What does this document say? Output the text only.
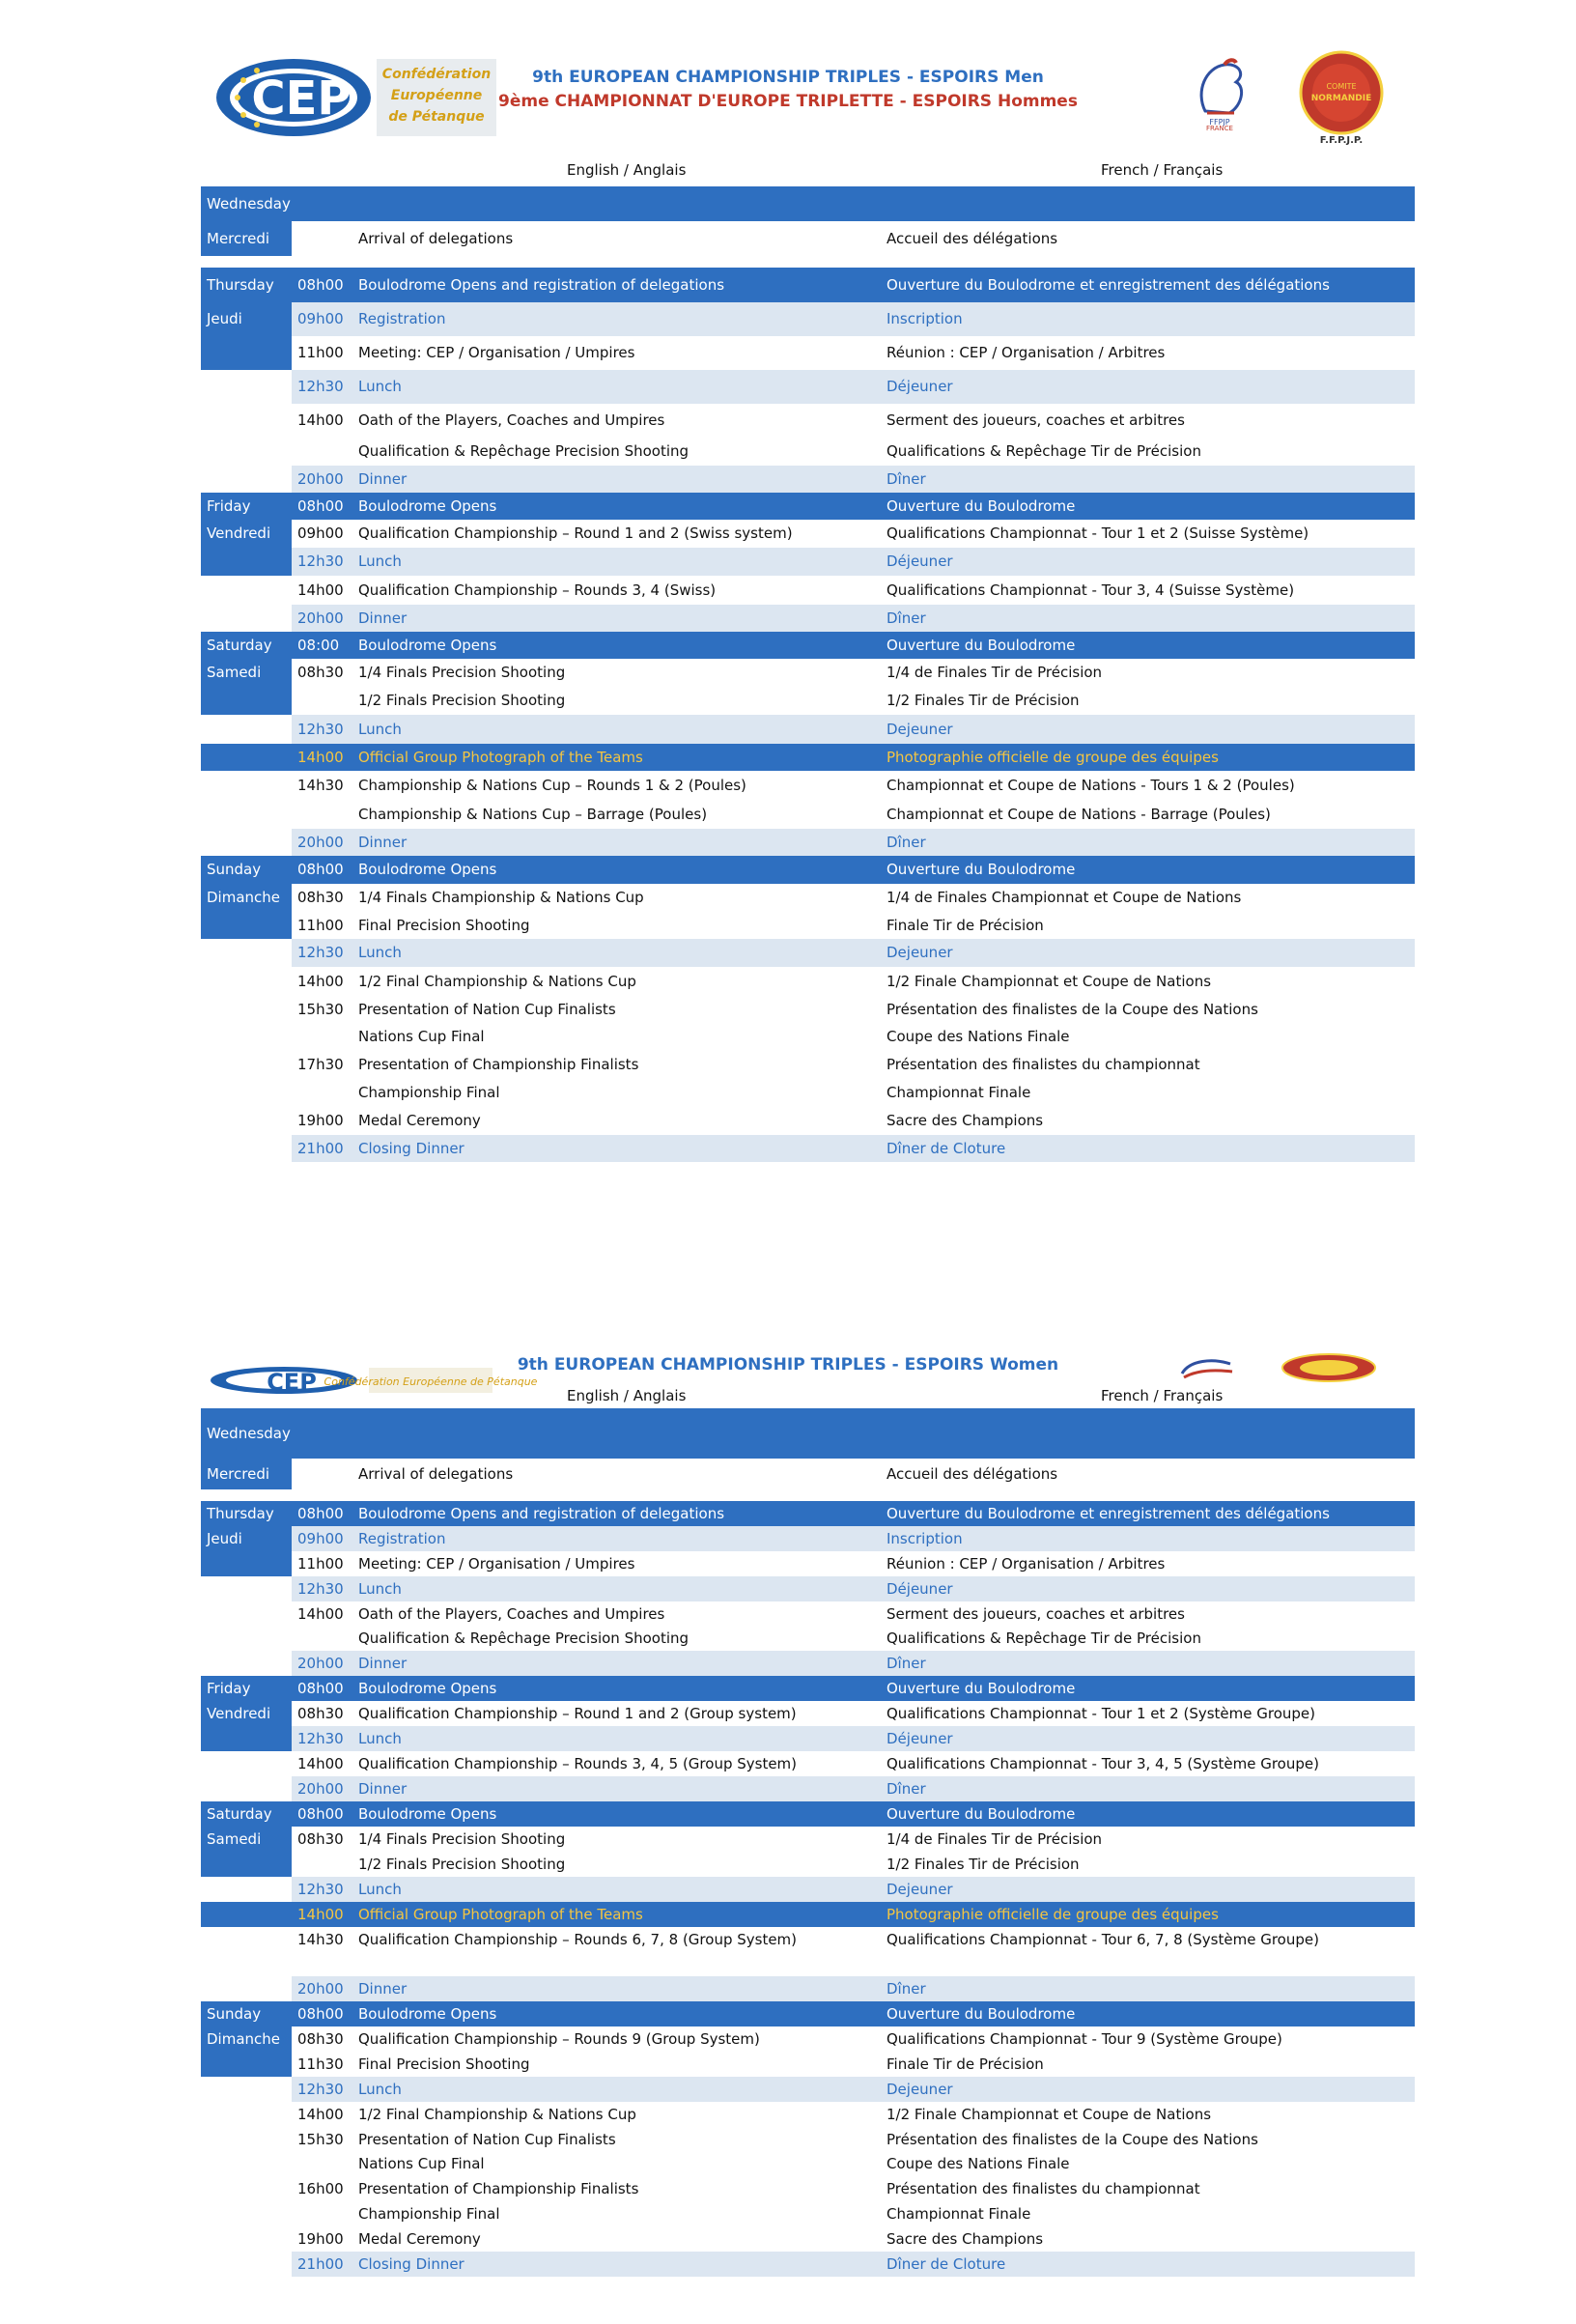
CEP Confédération
Européenne
de Pétanque
9th EUROPEAN CHAMPIONSHIP TRIPLES - ESPOIRS Men
9ème CHAMPIONNAT D'EUROPE TRIPLETTE - ESPOIRS Hommes
FFPJP
FRANCE
COMITE
NORMANDIE
F.F.P.J.P.
English / Anglais	French / Français
Wednesday
Mercredi	Arrival of delegations	Accueil des délégations
Thursday 08h00 Boulodrome Opens and registration of delegations	Ouverture du Boulodrome et enregistrement des délégations
Jeudi	09h00 Registration	Inscription
11h00 Meeting: CEP / Organisation / Umpires	Réunion : CEP / Organisation / Arbitres
12h30 Lunch	Déjeuner
14h00 Oath of the Players, Coaches and Umpires	Serment des joueurs, coaches et arbitres
Qualification & Repêchage Precision Shooting	Qualifications & Repêchage Tir de Précision
20h00 Dinner	Dîner
Friday	08h00 Boulodrome Opens	Ouverture du Boulodrome
Vendredi 09h00 Qualification Championship – Round 1 and 2 (Swiss system)	Qualifications Championnat - Tour 1 et 2 (Suisse Système)
12h30 Lunch	Déjeuner
14h00 Qualification Championship – Rounds 3, 4 (Swiss)	Qualifications Championnat - Tour 3, 4 (Suisse Système)
20h00 Dinner	Dîner
Saturday 08:00 Boulodrome Opens	Ouverture du Boulodrome
Samedi	08h30 1/4 Finals Precision Shooting	1/4 de Finales Tir de Précision
1/2 Finals Precision Shooting	1/2 Finales Tir de Précision
12h30 Lunch	Dejeuner
14h00 Official Group Photograph of the Teams	Photographie officielle de groupe des équipes
14h30 Championship & Nations Cup – Rounds 1 & 2 (Poules)	Championnat et Coupe de Nations - Tours 1 & 2 (Poules)
Championship & Nations Cup – Barrage (Poules)	Championnat et Coupe de Nations - Barrage (Poules)
20h00 Dinner	Dîner
Sunday	08h00 Boulodrome Opens	Ouverture du Boulodrome
Dimanche 08h30 1/4 Finals Championship & Nations Cup	1/4 de Finales Championnat et Coupe de Nations
11h00 Final Precision Shooting	Finale Tir de Précision
12h30 Lunch	Dejeuner
14h00 1/2 Final Championship & Nations Cup	1/2 Finale Championnat et Coupe de Nations
15h30 Presentation of Nation Cup Finalists	Présentation des finalistes de la Coupe des Nations
Nations Cup Final	Coupe des Nations Finale
17h30 Presentation of Championship Finalists	Présentation des finalistes du championnat
Championship Final	Championnat Finale
19h00 Medal Ceremony	Sacre des Champions
21h00 Closing Dinner	Dîner de Cloture
CEP Confédération Européenne de Pétanque
9th EUROPEAN CHAMPIONSHIP TRIPLES - ESPOIRS Women
English / Anglais	French / Français
Wednesday
Mercredi	Arrival of delegations	Accueil des délégations
Thursday 08h00 Boulodrome Opens and registration of delegations	Ouverture du Boulodrome et enregistrement des délégations
Jeudi	09h00 Registration	Inscription
11h00 Meeting: CEP / Organisation / Umpires	Réunion : CEP / Organisation / Arbitres
12h30 Lunch	Déjeuner
14h00 Oath of the Players, Coaches and Umpires	Serment des joueurs, coaches et arbitres
Qualification & Repêchage Precision Shooting	Qualifications & Repêchage Tir de Précision
20h00 Dinner	Dîner
Friday	08h00 Boulodrome Opens	Ouverture du Boulodrome
Vendredi 08h30 Qualification Championship – Round 1 and 2 (Group system)	Qualifications Championnat - Tour 1 et 2 (Système Groupe)
12h30 Lunch	Déjeuner
14h00 Qualification Championship – Rounds 3, 4, 5 (Group System)	Qualifications Championnat - Tour 3, 4, 5 (Système Groupe)
20h00 Dinner	Dîner
Saturday 08h00 Boulodrome Opens	Ouverture du Boulodrome
Samedi	08h30 1/4 Finals Precision Shooting	1/4 de Finales Tir de Précision
1/2 Finals Precision Shooting	1/2 Finales Tir de Précision
12h30 Lunch	Dejeuner
14h00 Official Group Photograph of the Teams	Photographie officielle de groupe des équipes
14h30 Qualification Championship – Rounds 6, 7, 8 (Group System)	Qualifications Championnat - Tour 6, 7, 8 (Système Groupe)
20h00 Dinner	Dîner
Sunday	08h00 Boulodrome Opens	Ouverture du Boulodrome
Dimanche 08h30 Qualification Championship – Rounds 9 (Group System)	Qualifications Championnat - Tour 9 (Système Groupe)
11h30 Final Precision Shooting	Finale Tir de Précision
12h30 Lunch	Dejeuner
14h00 1/2 Final Championship & Nations Cup	1/2 Finale Championnat et Coupe de Nations
15h30 Presentation of Nation Cup Finalists	Présentation des finalistes de la Coupe des Nations
Nations Cup Final	Coupe des Nations Finale
16h00 Presentation of Championship Finalists	Présentation des finalistes du championnat
Championship Final	Championnat Finale
19h00 Medal Ceremony	Sacre des Champions
21h00 Closing Dinner	Dîner de Cloture
